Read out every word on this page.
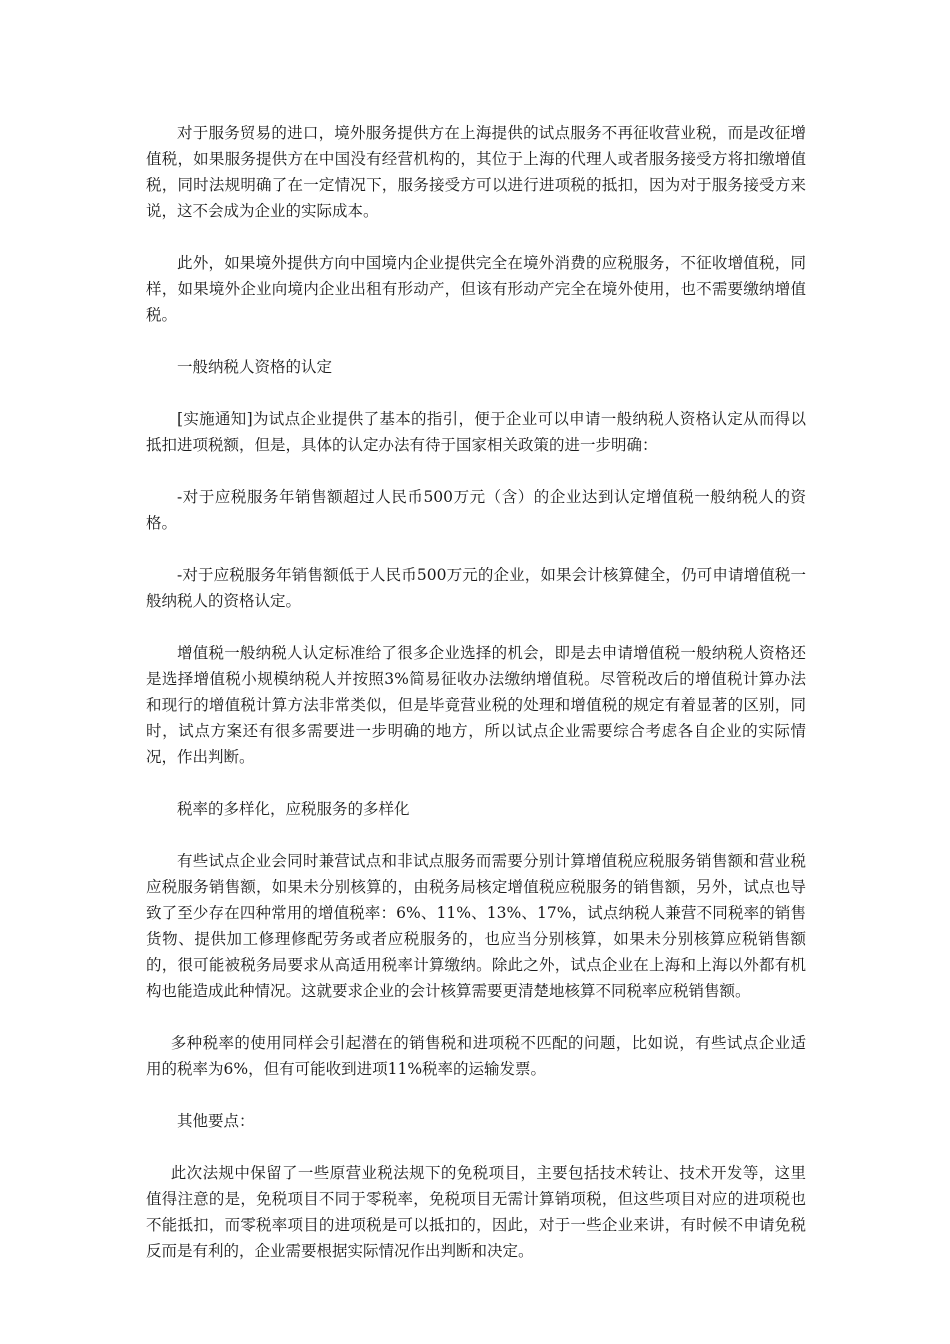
对于服务贸易的进口，境外服务提供方在上海提供的试点服务不再征收营业税，而是改征增值税，如果服务提供方在中国没有经营机构的，其位于上海的代理人或者服务接受方将扣缴增值税，同时法规明确了在一定情况下，服务接受方可以进行进项税的抵扣，因为对于服务接受方来说，这不会成为企业的实际成本。

此外，如果境外提供方向中国境内企业提供完全在境外消费的应税服务，不征收增值税，同样，如果境外企业向境内企业出租有形动产，但该有形动产完全在境外使用，也不需要缴纳增值税。

一般纳税人资格的认定

[实施通知]为试点企业提供了基本的指引，便于企业可以申请一般纳税人资格认定从而得以抵扣进项税额，但是，具体的认定办法有待于国家相关政策的进一步明确：

-对于应税服务年销售额超过人民币500万元（含）的企业达到认定增值税一般纳税人的资格。

-对于应税服务年销售额低于人民币500万元的企业，如果会计核算健全，仍可申请增值税一般纳税人的资格认定。

增值税一般纳税人认定标准给了很多企业选择的机会，即是去申请增值税一般纳税人资格还是选择增值税小规模纳税人并按照3%简易征收办法缴纳增值税。尽管税改后的增值税计算办法和现行的增值税计算方法非常类似，但是毕竟营业税的处理和增值税的规定有着显著的区别，同时，试点方案还有很多需要进一步明确的地方，所以试点企业需要综合考虑各自企业的实际情况，作出判断。

税率的多样化，应税服务的多样化

有些试点企业会同时兼营试点和非试点服务而需要分别计算增值税应税服务销售额和营业税应税服务销售额，如果未分别核算的，由税务局核定增值税应税服务的销售额，另外，试点也导致了至少存在四种常用的增值税率：6%、11%、13%、17%，试点纳税人兼营不同税率的销售货物、提供加工修理修配劳务或者应税服务的，也应当分别核算，如果未分别核算应税销售额的，很可能被税务局要求从高适用税率计算缴纳。除此之外，试点企业在上海和上海以外都有机构也能造成此种情况。这就要求企业的会计核算需要更清楚地核算不同税率应税销售额。

多种税率的使用同样会引起潜在的销售税和进项税不匹配的问题，比如说，有些试点企业适用的税率为6%，但有可能收到进项11%税率的运输发票。

其他要点：

此次法规中保留了一些原营业税法规下的免税项目，主要包括技术转让、技术开发等，这里值得注意的是，免税项目不同于零税率，免税项目无需计算销项税，但这些项目对应的进项税也不能抵扣，而零税率项目的进项税是可以抵扣的，因此，对于一些企业来讲，有时候不申请免税反而是有利的，企业需要根据实际情况作出判断和决定。
